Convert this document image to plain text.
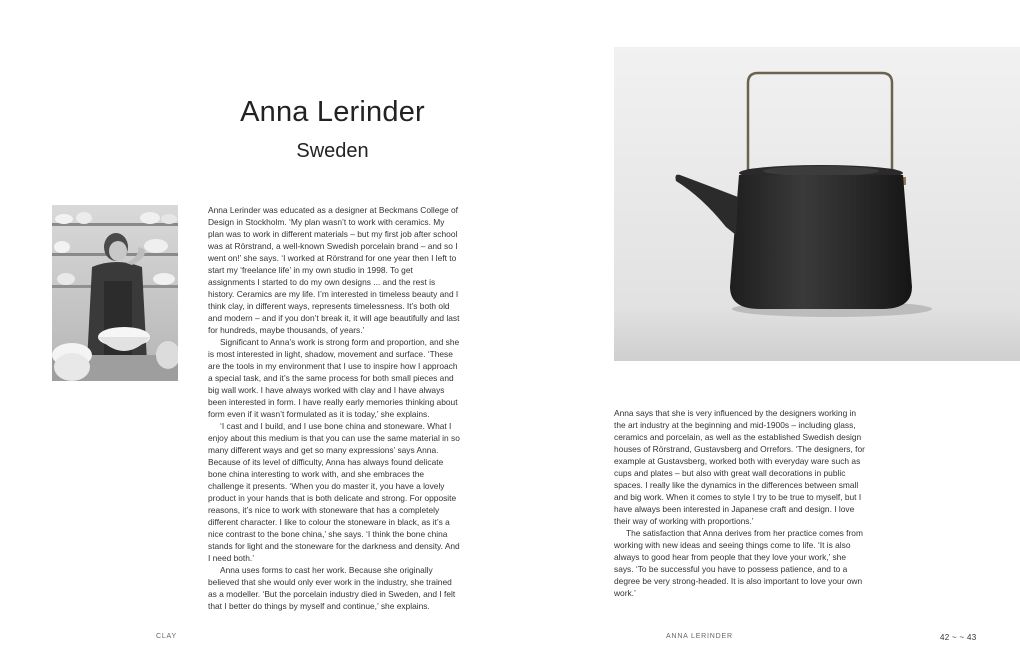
Anna Lerinder
Sweden

Anna Lerinder was educated as a designer at Beckmans College of Design in Stockholm. ‘My plan wasn’t to work with ceramics. My plan was to work in different materials – but my first job after school was at Rörstrand, a well-known Swedish porcelain brand – and so I went on!’ she says. ‘I worked at Rörstrand for one year then I left to start my ‘freelance life’ in my own studio in 1998. To get assignments I started to do my own designs ... and the rest is history. Ceramics are my life. I’m interested in timeless beauty and I think clay, in different ways, represents timelessness. It’s both old and modern – and if you don’t break it, it will age beautifully and last for hundreds, maybe thousands, of years.’

Significant to Anna’s work is strong form and proportion, and she is most interested in light, shadow, movement and surface. ‘These are the tools in my environment that I use to inspire how I approach a special task, and it’s the same process for both small pieces and big wall work. I have always worked with clay and I have always been interested in form. I have really early memories thinking about form even if it wasn’t formulated as it is today,’ she explains.

‘I cast and I build, and I use bone china and stoneware. What I enjoy about this medium is that you can use the same material in so many different ways and get so many expressions’ says Anna. Because of its level of difficulty, Anna has always found delicate bone china interesting to work with, and she embraces the challenge it presents. ‘When you do master it, you have a lovely product in your hands that is both delicate and strong. For opposite reasons, it’s nice to work with stoneware that has a completely different character. I like to colour the stoneware in black, as it’s a nice contrast to the bone china,’ she says. ‘I think the bone china stands for light and the stoneware for the darkness and density. And I need both.’

Anna uses forms to cast her work. Because she originally believed that she would only ever work in the industry, she trained as a modeller. ‘But the porcelain industry died in Sweden, and I felt that I better do things by myself and continue,’ she explains.

Anna says that she is very influenced by the designers working in the art industry at the beginning and mid-1900s – including glass, ceramics and porcelain, as well as the established Swedish design houses of Rörstrand, Gustavsberg and Orrefors. ‘The designers, for example at Gustavsberg, worked both with everyday ware such as cups and plates – but also with great wall decorations in public spaces. I really like the dynamics in the differences between small and big work. When it comes to style I try to be true to myself, but I have always been interested in Japanese craft and design. I love their way of working with proportions.’

The satisfaction that Anna derives from her practice comes from working with new ideas and seeing things come to life. ‘It is also always to good hear from people that they love your work,’ she says. ‘To be successful you have to possess patience, and to a degree be very strong-headed. It is also important to love your own work.’

CLAY	ANNA LERINDER	42 ~ ~ 43
